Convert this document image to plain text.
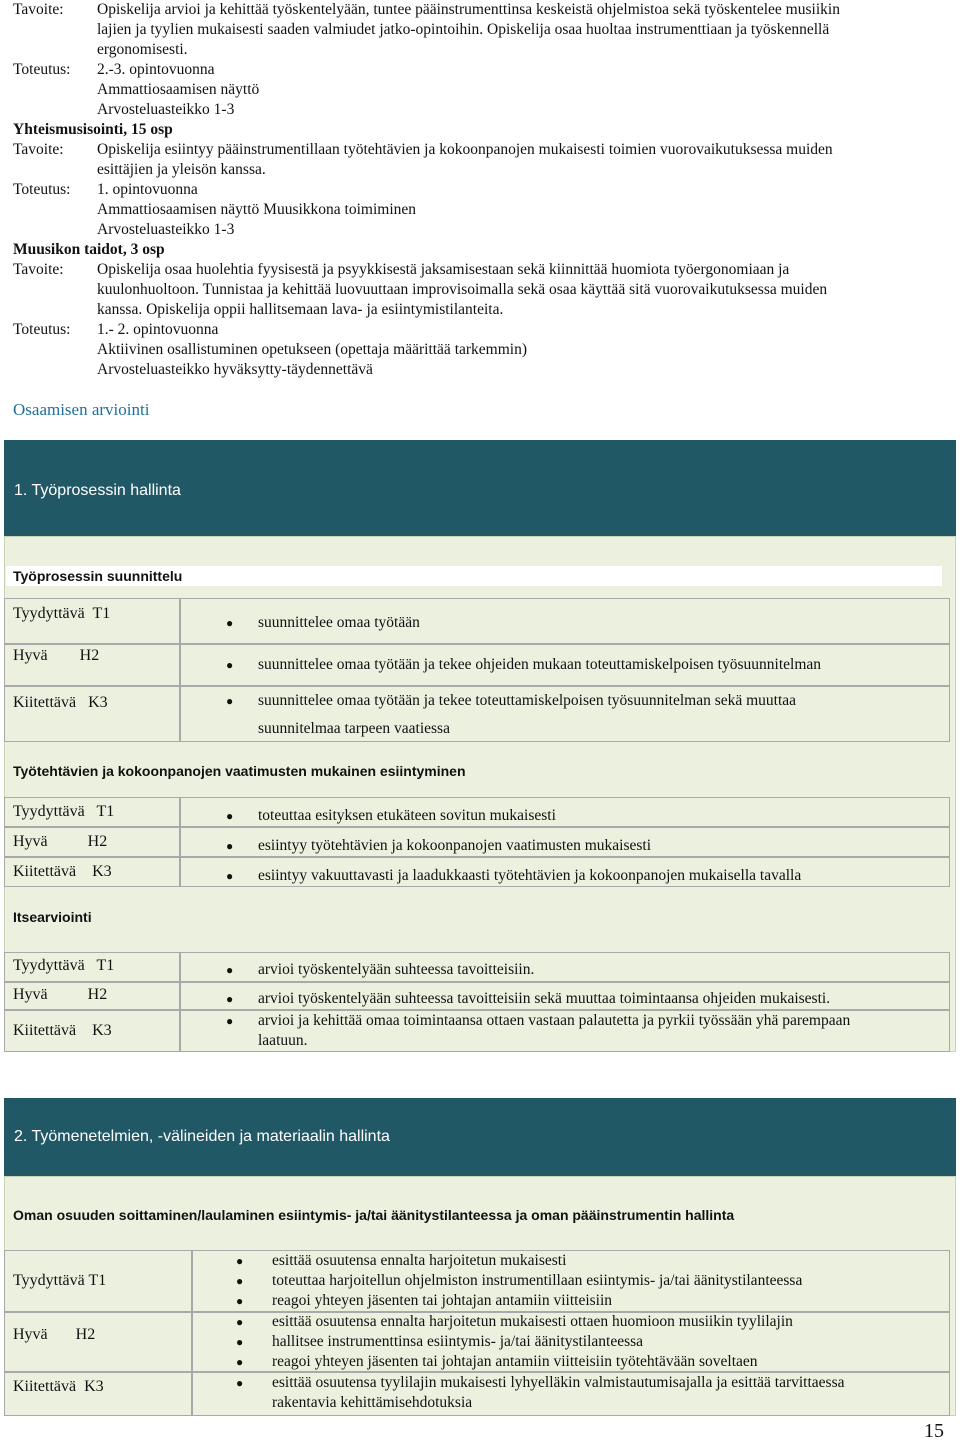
Tavoite: Opiskelija arvioi ja kehittää työskentelyään, tuntee pääinstrumenttinsa keskeistä ohjelmistoa sekä työskentelee musiikin
lajien ja tyylien mukaisesti saaden valmiudet jatko-opintoihin. Opiskelija osaa huoltaa instrumenttiaan ja työskennellä
ergonomisesti.
Toteutus: 2.-3. opintovuonna
Ammattiosaamisen näyttö
Arvosteluasteikko 1-3
Yhteismusisointi, 15 osp
Tavoite: Opiskelija esiintyy pääinstrumentillaan työtehtävien ja kokoonpanojen mukaisesti toimien vuorovaikutuksessa muiden
esittäjien ja yleisön kanssa.
Toteutus: 1. opintovuonna
Ammattiosaamisen näyttö Muusikkona toimiminen
Arvosteluasteikko 1-3
Muusikon taidot, 3 osp
Tavoite: Opiskelija osaa huolehtia fyysisestä ja psyykkisestä jaksamisestaan sekä kiinnittää huomiota työergonomiaan ja
kuulonhuoltoon. Tunnistaa ja kehittää luovuuttaan improvisoimalla sekä osaa käyttää sitä vuorovaikutuksessa muiden
kanssa. Opiskelija oppii hallitsemaan lava- ja esiintymistilanteita.
Toteutus: 1.- 2. opintovuonna
Aktiivinen osallistuminen opetukseen (opettaja määrittää tarkemmin)
Arvosteluasteikko hyväksytty-täydennettävä
Osaamisen arviointi
1. Työprosessin hallinta
Työprosessin suunnittelu
Tyydyttävä  T1
Hyvä        H2
Kiitettävä   K3
● suunnittelee omaa työtään
● suunnittelee omaa työtään ja tekee ohjeiden mukaan toteuttamiskelpoisen työsuunnitelman
● suunnittelee omaa työtään ja tekee toteuttamiskelpoisen työsuunnitelman sekä muuttaa
suunnitelmaa tarpeen vaatiessa
Työtehtävien ja kokoonpanojen vaatimusten mukainen esiintyminen
Tyydyttävä   T1
Hyvä          H2
Kiitettävä    K3
● toteuttaa esityksen etukäteen sovitun mukaisesti
● esiintyy työtehtävien ja kokoonpanojen vaatimusten mukaisesti
● esiintyy vakuuttavasti ja laadukkaasti työtehtävien ja kokoonpanojen mukaisella tavalla
Itsearviointi
Tyydyttävä   T1
Hyvä          H2
Kiitettävä    K3
● arvioi työskentelyään suhteessa tavoitteisiin.
● arvioi työskentelyään suhteessa tavoitteisiin sekä muuttaa toimintaansa ohjeiden mukaisesti.
● arvioi ja kehittää omaa toimintaansa ottaen vastaan palautetta ja pyrkii työssään yhä parempaan
laatuun.
2. Työmenetelmien, -välineiden ja materiaalin hallinta
Oman osuuden soittaminen/laulaminen esiintymis- ja/tai äänitystilanteessa ja oman pääinstrumentin hallinta
Tyydyttävä T1
Hyvä       H2
Kiitettävä  K3
● esittää osuutensa ennalta harjoitetun mukaisesti
● toteuttaa harjoitellun ohjelmiston instrumentillaan esiintymis- ja/tai äänitystilanteessa
● reagoi yhteyen jäsenten tai johtajan antamiin viitteisiin
● esittää osuutensa ennalta harjoitetun mukaisesti ottaen huomioon musiikin tyylilajin
● hallitsee instrumenttinsa esiintymis- ja/tai äänitystilanteessa
● reagoi yhteyen jäsenten tai johtajan antamiin viitteisiin työtehtävään soveltaen
● esittää osuutensa tyylilajin mukaisesti lyhyelläkin valmistautumisajalla ja esittää tarvittaessa
rakentavia kehittämisehdotuksia
15
